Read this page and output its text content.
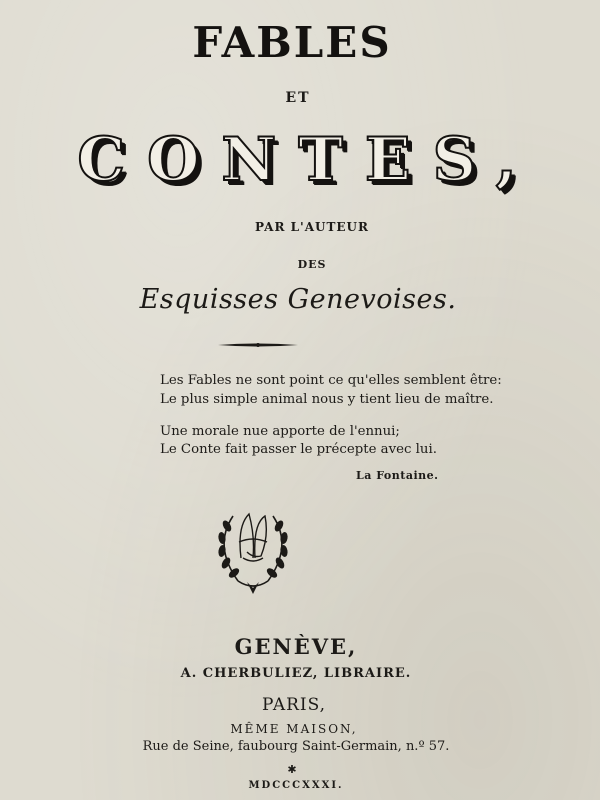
FABLES
ET
CONTES,
PAR L'AUTEUR
DES
Esquisses Genevoises.
Les Fables ne sont point ce qu'elles semblent être:
Le plus simple animal nous y tient lieu de maître.
Une morale nue apporte de l'ennui;
Le Conte fait passer le précepte avec lui.
La Fontaine.
GENÈVE,
A. CHERBULIEZ, LIBRAIRE.
PARIS,
MÊME MAISON,
Rue de Seine, faubourg Saint-Germain, n.º 57.
✱
MDCCCXXXI.
